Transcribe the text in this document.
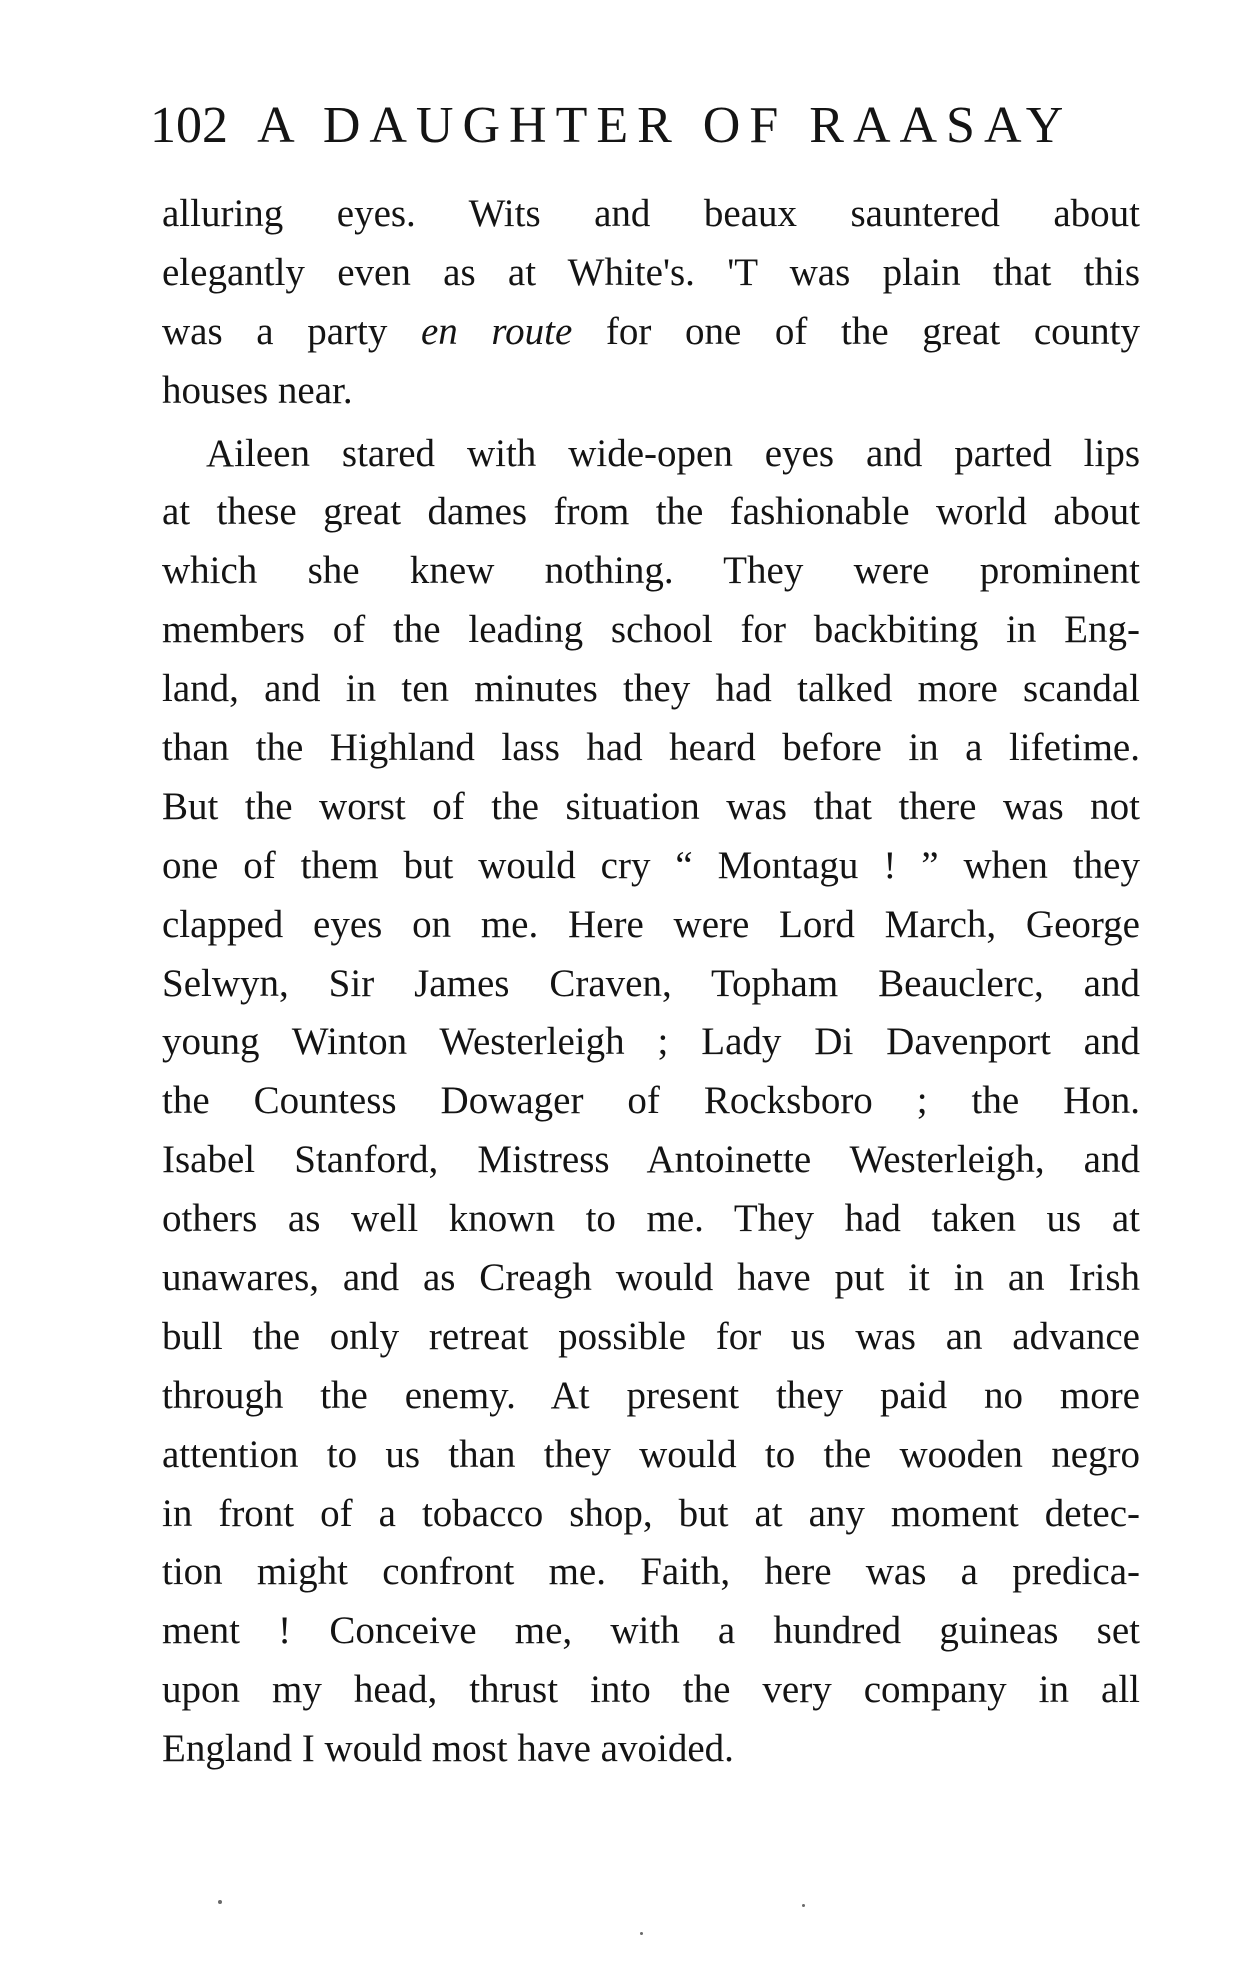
102 A DAUGHTER OF RAASAY
alluring eyes. Wits and beaux sauntered about
elegantly even as at White's. 'T was plain that this
was a party en route for one of the great county
houses near.
Aileen stared with wide-open eyes and parted lips
at these great dames from the fashionable world about
which she knew nothing. They were prominent
members of the leading school for backbiting in Eng-
land, and in ten minutes they had talked more scandal
than the Highland lass had heard before in a lifetime.
But the worst of the situation was that there was not
one of them but would cry “ Montagu ! ” when they
clapped eyes on me. Here were Lord March, George
Selwyn, Sir James Craven, Topham Beauclerc, and
young Winton Westerleigh ; Lady Di Davenport and
the Countess Dowager of Rocksboro ; the Hon.
Isabel Stanford, Mistress Antoinette Westerleigh, and
others as well known to me. They had taken us at
unawares, and as Creagh would have put it in an Irish
bull the only retreat possible for us was an advance
through the enemy. At present they paid no more
attention to us than they would to the wooden negro
in front of a tobacco shop, but at any moment detec-
tion might confront me. Faith, here was a predica-
ment ! Conceive me, with a hundred guineas set
upon my head, thrust into the very company in all
England I would most have avoided.
